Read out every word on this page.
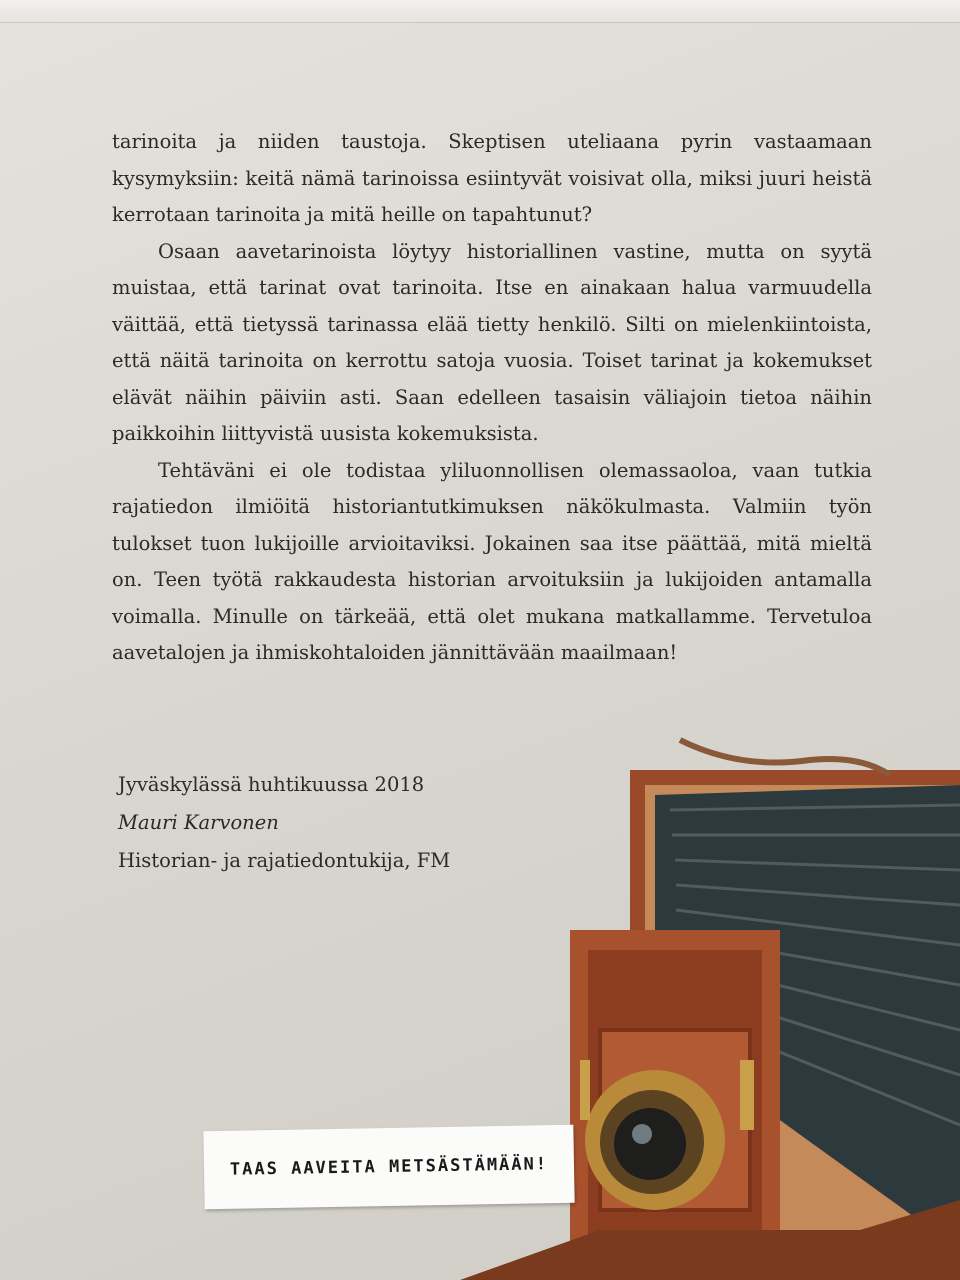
tarinoita ja niiden taustoja. Skeptisen uteliaana pyrin vastaamaan kysymyksiin: keitä nämä tarinoissa esiintyvät voisivat olla, miksi juuri heistä kerrotaan tarinoita ja mitä heille on tapahtunut?

Osaan aavetarinoista löytyy historiallinen vastine, mutta on syytä muistaa, että tarinat ovat tarinoita. Itse en ainakaan halua varmuudella väittää, että tietyssä tarinassa elää tietty henkilö. Silti on mielenkiintoista, että näitä tarinoita on kerrottu satoja vuosia. Toiset tarinat ja kokemukset elävät näihin päiviin asti. Saan edelleen tasaisin väliajoin tietoa näihin paikkoihin liittyvistä uusista kokemuksista.

Tehtäväni ei ole todistaa yliluonnollisen olemassaoloa, vaan tutkia rajatiedon ilmiöitä historiantutkimuksen näkökulmasta. Valmiin työn tulokset tuon lukijoille arvioitaviksi. Jokainen saa itse päättää, mitä mieltä on. Teen työtä rakkaudesta historian arvoituksiin ja lukijoiden antamalla voimalla. Minulle on tärkeää, että olet mukana matkallamme. Tervetuloa aavetalojen ja ihmiskohtaloiden jännittävään maailmaan!

Jyväskylässä huhtikuussa 2018
Mauri Karvonen
Historian- ja rajatiedontukija, FM
TAAS AAVEITA METSÄSTÄMÄÄN!
